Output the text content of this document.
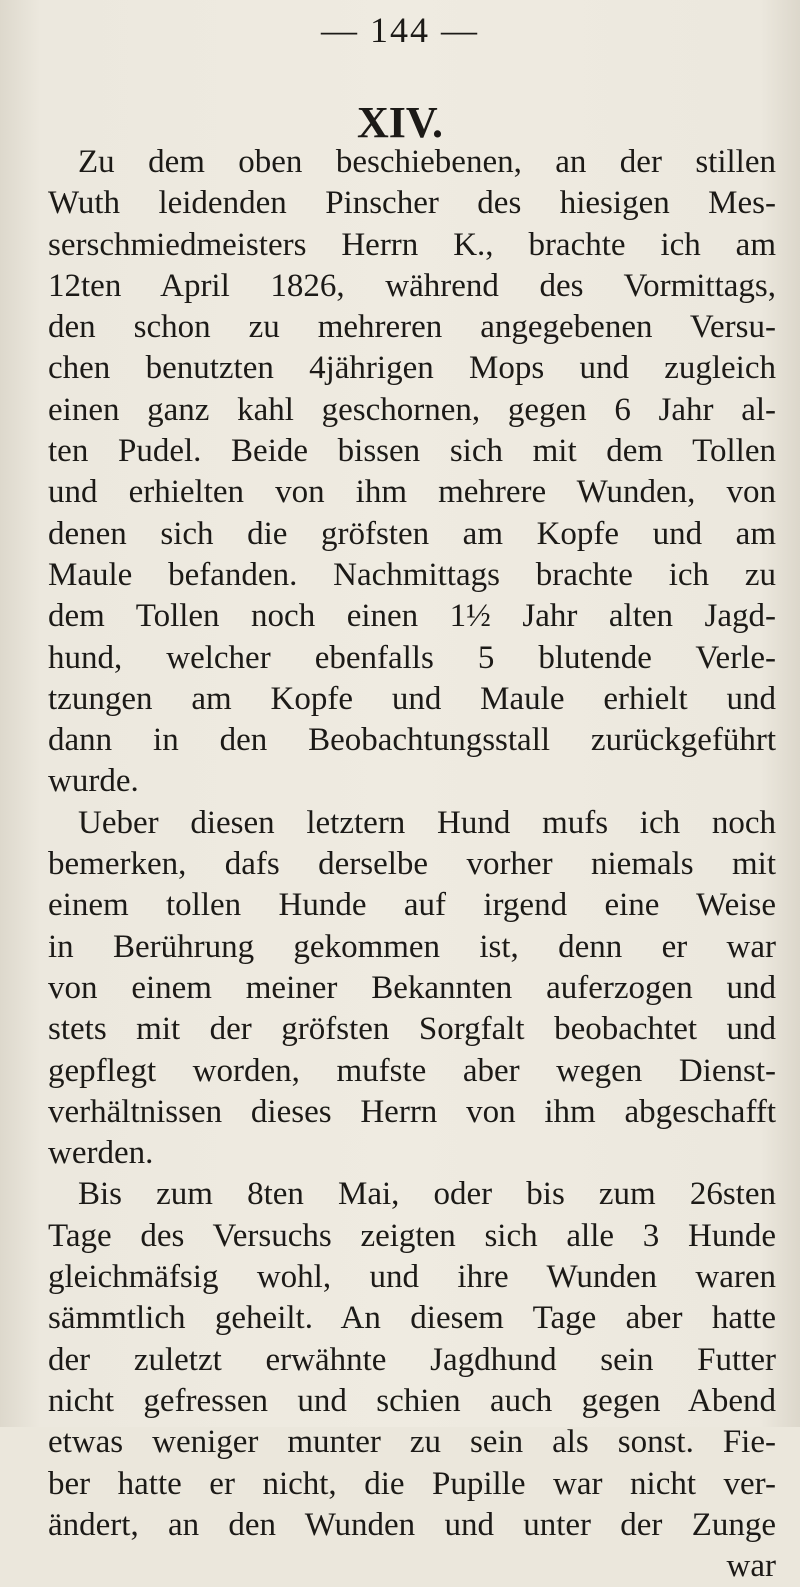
— 144 —
XIV.
Zu dem oben beschiebenen, an der stillen
Wuth leidenden Pinscher des hiesigen Mes-
serschmiedmeisters Herrn K., brachte ich am
12ten April 1826, während des Vormittags,
den schon zu mehreren angegebenen Versu-
chen benutzten 4jährigen Mops und zugleich
einen ganz kahl geschornen, gegen 6 Jahr al-
ten Pudel. Beide bissen sich mit dem Tollen
und erhielten von ihm mehrere Wunden, von
denen sich die gröfsten am Kopfe und am
Maule befanden. Nachmittags brachte ich zu
dem Tollen noch einen 1½ Jahr alten Jagd-
hund, welcher ebenfalls 5 blutende Verle-
tzungen am Kopfe und Maule erhielt und
dann in den Beobachtungsstall zurückgeführt
wurde.
Ueber diesen letztern Hund mufs ich noch
bemerken, dafs derselbe vorher niemals mit
einem tollen Hunde auf irgend eine Weise
in Berührung gekommen ist, denn er war
von einem meiner Bekannten auferzogen und
stets mit der gröfsten Sorgfalt beobachtet und
gepflegt worden, mufste aber wegen Dienst-
verhältnissen dieses Herrn von ihm abgeschafft
werden.
Bis zum 8ten Mai, oder bis zum 26sten
Tage des Versuchs zeigten sich alle 3 Hunde
gleichmäfsig wohl, und ihre Wunden waren
sämmtlich geheilt. An diesem Tage aber hatte
der zuletzt erwähnte Jagdhund sein Futter
nicht gefressen und schien auch gegen Abend
etwas weniger munter zu sein als sonst. Fie-
ber hatte er nicht, die Pupille war nicht ver-
ändert, an den Wunden und unter der Zunge
war
